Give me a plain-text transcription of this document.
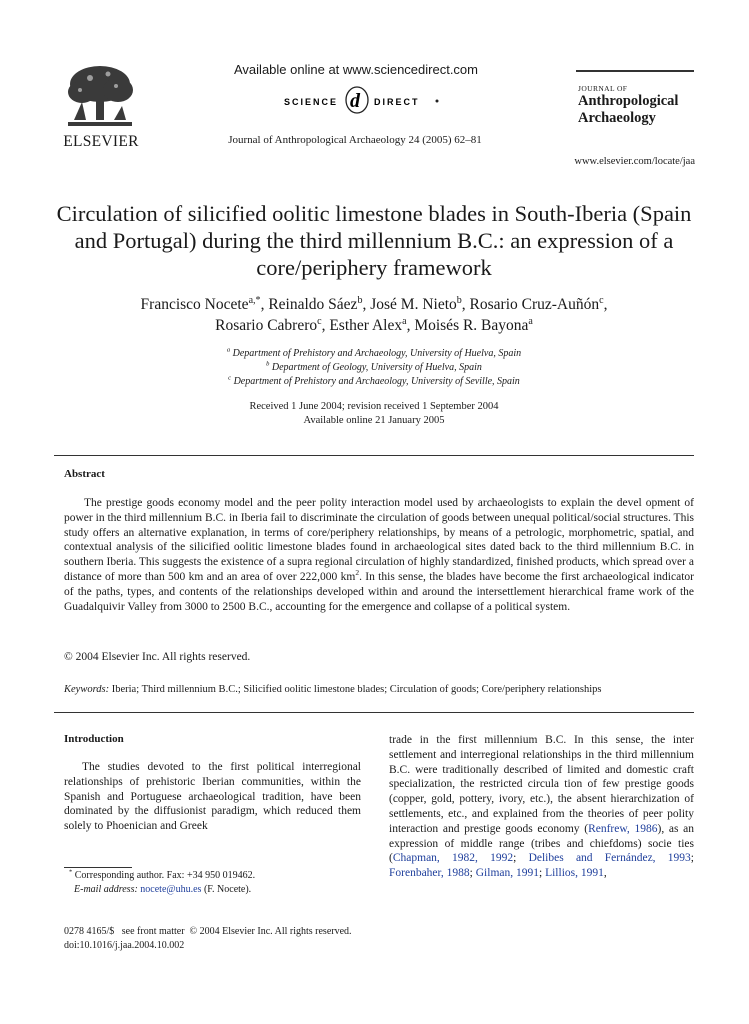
ELSEVIER
Available online at www.sciencedirect.com
SCIENCE d DIRECT
Journal of Anthropological Archaeology 24 (2005) 62–81
JOURNAL OF
Anthropological
Archaeology
www.elsevier.com/locate/jaa
Circulation of silicified oolitic limestone blades in South-Iberia (Spain and Portugal) during the third millennium B.C.: an expression of a core/periphery framework
Francisco Nocete$^{a,*}$, Reinaldo Sáez$^b$, José M. Nieto$^b$, Rosario Cruz-Auñón$^c$,
Rosario Cabrero$^c$, Esther Alex$^a$, Moisés R. Bayona$^a$
$^a$ Department of Prehistory and Archaeology, University of Huelva, Spain
$^b$ Department of Geology, University of Huelva, Spain
$^c$ Department of Prehistory and Archaeology, University of Seville, Spain
Received 1 June 2004; revision received 1 September 2004
Available online 21 January 2005
Abstract

The prestige goods economy model and the peer polity interaction model used by archaeologists to explain the devel opment of power in the third millennium B.C. in Iberia fail to discriminate the circulation of goods between unequal political/social structures. This study offers an alternative explanation, in terms of core/periphery relationships, by means of a petrologic, morphometric, spatial, and contextual analysis of the silicified oolitic limestone blades found in archaeological sites dated back to the third millennium B.C. in southern Iberia. This suggests the existence of a supra regional circulation of highly standardized, finished products, which spread over a distance of more than 500 km and an area of over 222,000 $km^2$. In this sense, the blades have become the first archaeological indicator of the paths, types, and contents of the relationships developed within and around the intersettlement hierarchical frame work of the Guadalquivir Valley from 3000 to 2500 B.C., accounting for the emergence and collapse of a political system.

© 2004 Elsevier Inc. All rights reserved.
Keywords: Iberia; Third millennium B.C.; Silicified oolitic limestone blades; Circulation of goods; Core/periphery relationships
Introduction

The studies devoted to the first political interregional relationships of prehistoric Iberian communities, within the Spanish and Portuguese archaeological tradition, have been dominated by the diffusionist paradigm, which reduced them solely to Phoenician and Greek

trade in the first millennium B.C. In this sense, the inter settlement and interregional relationships in the third millennium B.C. were traditionally described of limited and domestic craft specialization, the restricted circula tion of few prestige goods (copper, gold, pottery, ivory, etc.), the absent hierarchization of settlements, etc., and explained from the theories of peer polity interaction and prestige goods economy (Renfrew, 1986), as an expression of middle range (tribes and chiefdoms) socie ties (Chapman, 1982, 1992; Delibes and Fernández, 1993; Forenbaher, 1988; Gilman, 1991; Lillios, 1991,

* Corresponding author. Fax: +34 950 019462.
E-mail address: nocete@uhu.es (F. Nocete).
0278 4165/$   see front matter  © 2004 Elsevier Inc. All rights reserved.
doi:10.1016/j.jaa.2004.10.002
